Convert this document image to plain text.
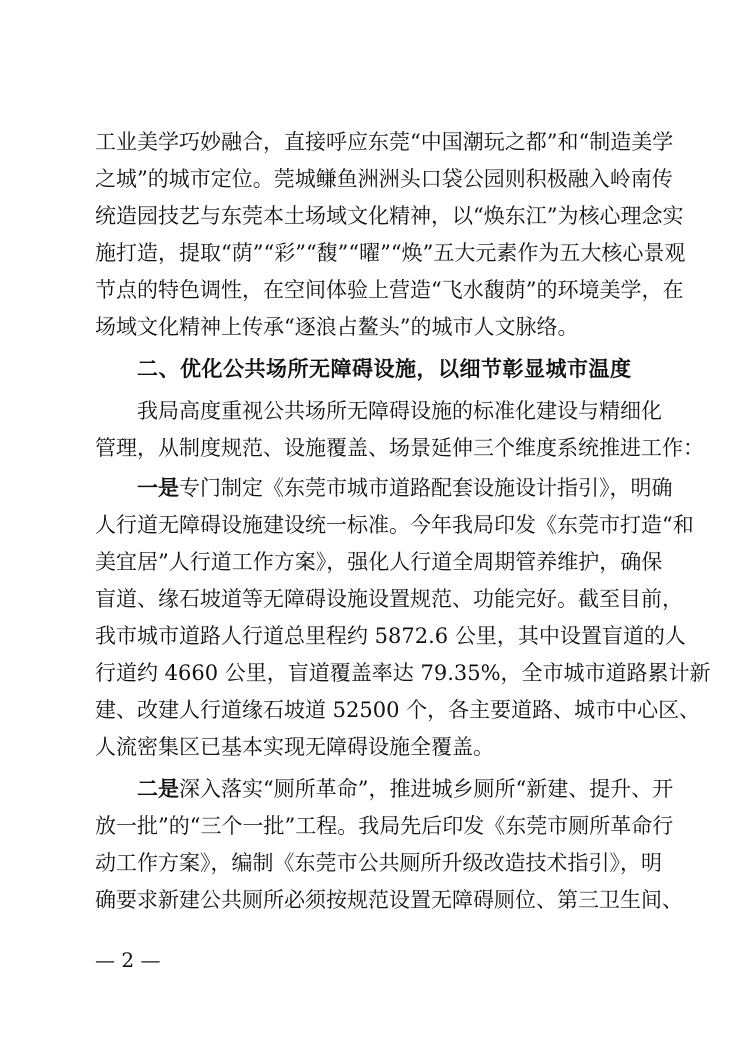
工业美学巧妙融合，直接呼应东莞“中国潮玩之都”和“制造美学
之城”的城市定位。莞城鳒鱼洲洲头口袋公园则积极融入岭南传
统造园技艺与东莞本土场域文化精神，以“焕东江”为核心理念实
施打造，提取“荫”“彩”“馥”“曜”“焕”五大元素作为五大核心景观
节点的特色调性，在空间体验上营造“飞水馥荫”的环境美学，在
场域文化精神上传承“逐浪占鳌头”的城市人文脉络。
二、优化公共场所无障碍设施，以细节彰显城市温度
我局高度重视公共场所无障碍设施的标准化建设与精细化
管理，从制度规范、设施覆盖、场景延伸三个维度系统推进工作：
一是专门制定《东莞市城市道路配套设施设计指引》，明确
人行道无障碍设施建设统一标准。今年我局印发《东莞市打造“和
美宜居”人行道工作方案》，强化人行道全周期管养维护，确保
盲道、缘石坡道等无障碍设施设置规范、功能完好。截至目前，
我市城市道路人行道总里程约 5872.6 公里，其中设置盲道的人
行道约 4660 公里，盲道覆盖率达 79.35%，全市城市道路累计新
建、改建人行道缘石坡道 52500 个，各主要道路、城市中心区、
人流密集区已基本实现无障碍设施全覆盖。
二是深入落实“厕所革命”，推进城乡厕所“新建、提升、开
放一批”的“三个一批”工程。我局先后印发《东莞市厕所革命行
动工作方案》，编制《东莞市公共厕所升级改造技术指引》，明
确要求新建公共厕所必须按规范设置无障碍厕位、第三卫生间、
— 2 —
